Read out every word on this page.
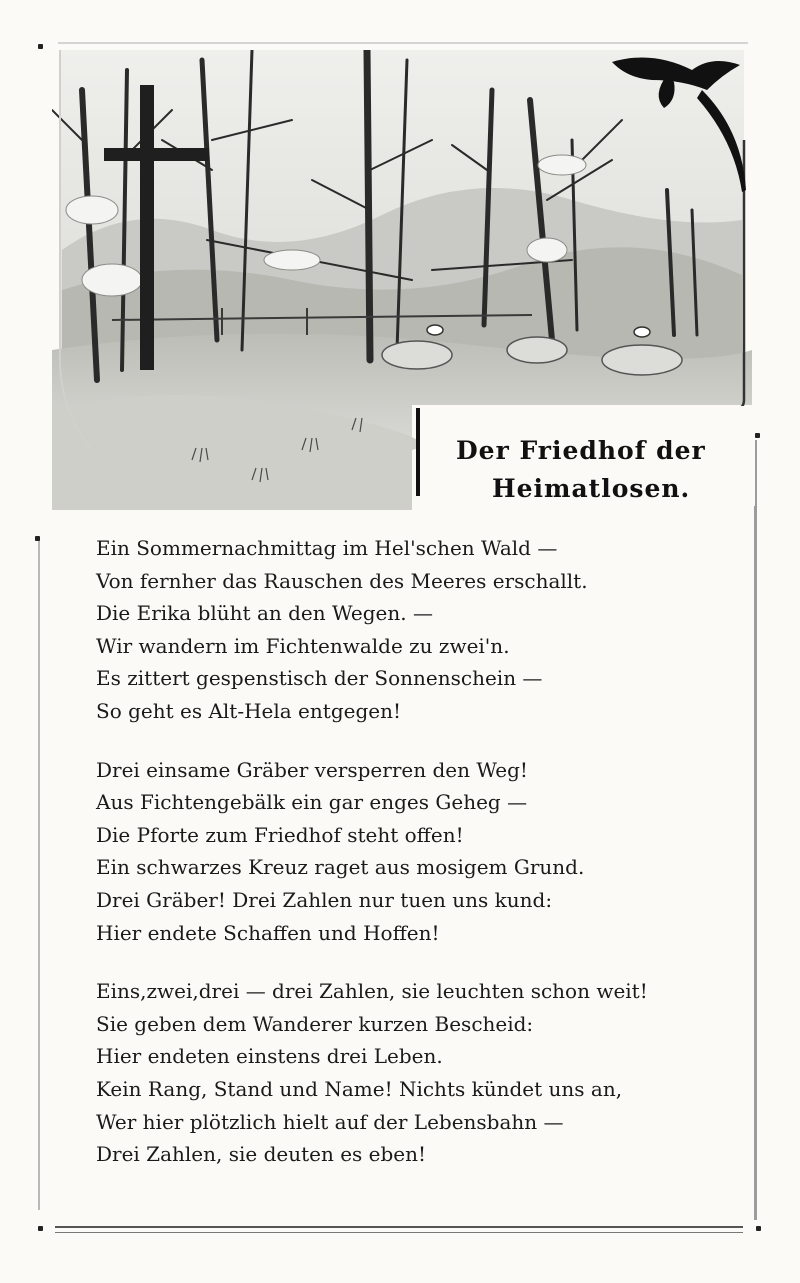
Der Friedhof der
Heimatlosen.
Ein Sommernachmittag im Hel'schen Wald —
Von fernher das Rauschen des Meeres erschallt.
Die Erika blüht an den Wegen. —
Wir wandern im Fichtenwalde zu zwei'n.
Es zittert gespenstisch der Sonnenschein —
So geht es Alt-Hela entgegen!
Drei einsame Gräber versperren den Weg!
Aus Fichtengebälk ein gar enges Geheg —
Die Pforte zum Friedhof steht offen!
Ein schwarzes Kreuz raget aus mosigem Grund.
Drei Gräber! Drei Zahlen nur tuen uns kund:
Hier endete Schaffen und Hoffen!
Eins,zwei,drei — drei Zahlen, sie leuchten schon weit!
Sie geben dem Wanderer kurzen Bescheid:
Hier endeten einstens drei Leben.
Kein Rang, Stand und Name! Nichts kündet uns an,
Wer hier plötzlich hielt auf der Lebensbahn —
Drei Zahlen, sie deuten es eben!
